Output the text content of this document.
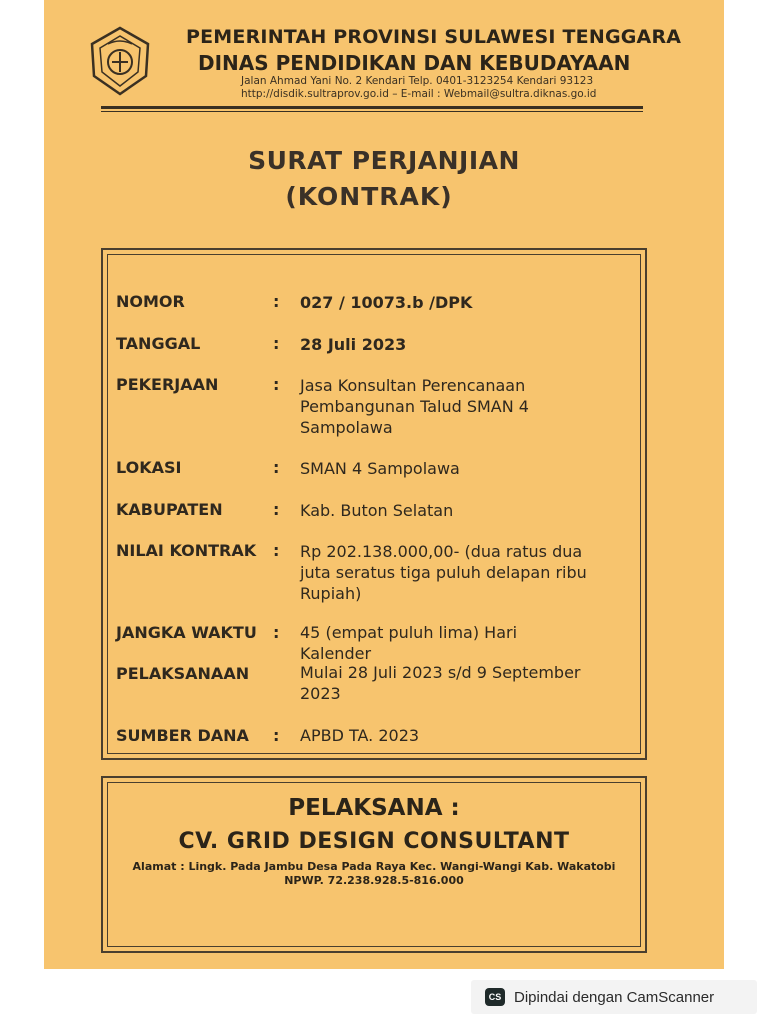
PEMERINTAH PROVINSI SULAWESI TENGGARA
DINAS PENDIDIKAN DAN KEBUDAYAAN
Jalan Ahmad Yani No. 2 Kendari Telp. 0401-3123254 Kendari 93123
http://disdik.sultraprov.go.id – E-mail : Webmail@sultra.diknas.go.id
SURAT PERJANJIAN
(KONTRAK)
NOMOR	: 027 / 10073.b /DPK
TANGGAL	: 28 Juli 2023
PEKERJAAN	: Jasa Konsultan Perencanaan
Pembangunan Talud SMAN 4
Sampolawa
LOKASI	: SMAN 4 Sampolawa
KABUPATEN	: Kab. Buton Selatan
NILAI KONTRAK : Rp 202.138.000,00- (dua ratus dua
juta seratus tiga puluh delapan ribu
Rupiah)
JANGKA WAKTU : 45 (empat puluh lima) Hari
Kalender
PELAKSANAAN	Mulai 28 Juli 2023 s/d 9 September
2023
SUMBER DANA : APBD TA. 2023
PELAKSANA :
CV. GRID DESIGN CONSULTANT
Alamat : Lingk. Pada Jambu Desa Pada Raya Kec. Wangi-Wangi Kab. Wakatobi
NPWP. 72.238.928.5-816.000
CS Dipindai dengan CamScanner
